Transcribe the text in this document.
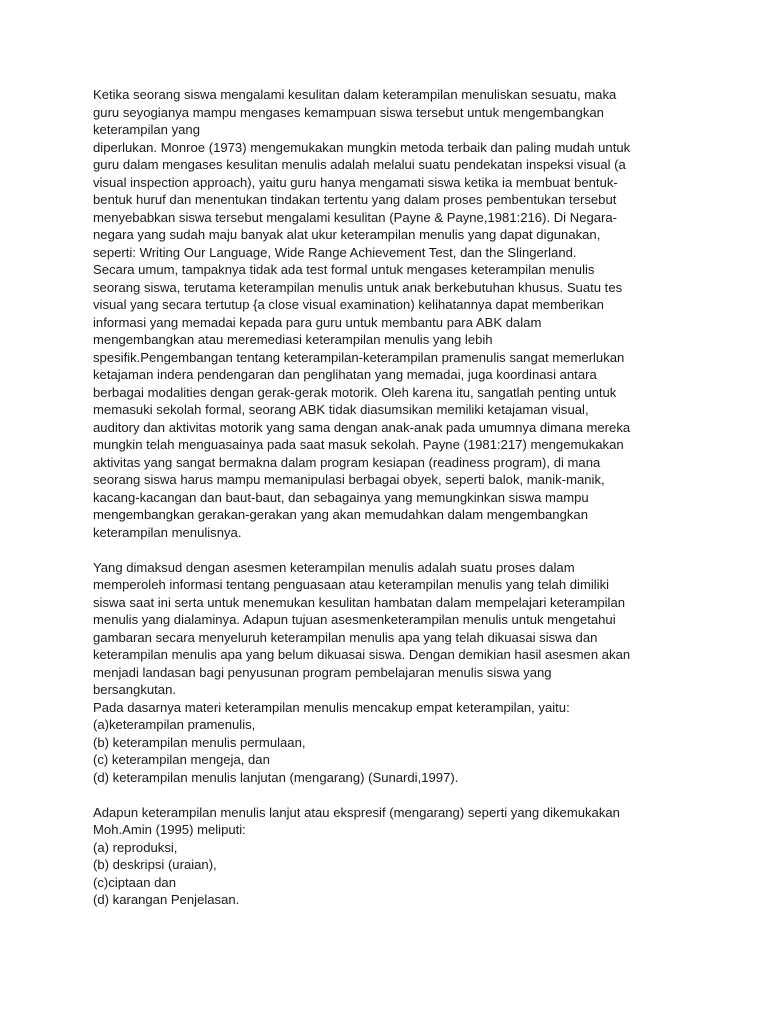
Ketika seorang siswa mengalami kesulitan dalam keterampilan menuliskan sesuatu, maka
guru seyogianya mampu mengases kemampuan siswa tersebut untuk mengembangkan
keterampilan yang
diperlukan. Monroe (1973) mengemukakan mungkin metoda terbaik dan paling mudah untuk
guru dalam mengases kesulitan menulis adalah melalui suatu pendekatan inspeksi visual (a
visual inspection approach), yaitu guru hanya mengamati siswa ketika ia membuat bentuk-
bentuk huruf dan menentukan tindakan tertentu yang dalam proses pembentukan tersebut
menyebabkan siswa tersebut mengalami kesulitan (Payne & Payne,1981:216). Di Negara-
negara yang sudah maju banyak alat ukur keterampilan menulis yang dapat digunakan,
seperti: Writing Our Language, Wide Range Achievement Test, dan the Slingerland.
Secara umum, tampaknya tidak ada test formal untuk mengases keterampilan menulis
seorang siswa, terutama keterampilan menulis untuk anak berkebutuhan khusus. Suatu tes
visual yang secara tertutup {a close visual examination) kelihatannya dapat memberikan
informasi yang memadai kepada para guru untuk membantu para ABK dalam
mengembangkan atau meremediasi keterampilan menulis yang lebih
spesifik.Pengembangan tentang keterampilan-keterampilan pramenulis sangat memerlukan
ketajaman indera pendengaran dan penglihatan yang memadai, juga koordinasi antara
berbagai modalities dengan gerak-gerak motorik. Oleh karena itu, sangatlah penting untuk
memasuki sekolah formal, seorang ABK tidak diasumsikan memiliki ketajaman visual,
auditory dan aktivitas motorik yang sama dengan anak-anak pada umumnya dimana mereka
mungkin telah menguasainya pada saat masuk sekolah. Payne (1981:217) mengemukakan
aktivitas yang sangat bermakna dalam program kesiapan (readiness program), di mana
seorang siswa harus mampu memanipulasi berbagai obyek, seperti balok, manik-manik,
kacang-kacangan dan baut-baut, dan sebagainya yang memungkinkan siswa mampu
mengembangkan gerakan-gerakan yang akan memudahkan dalam mengembangkan
keterampilan menulisnya.
Yang dimaksud dengan asesmen keterampilan menulis adalah suatu proses dalam
memperoleh informasi tentang penguasaan atau keterampilan menulis yang telah dimiliki
siswa saat ini serta untuk menemukan kesulitan hambatan dalam mempelajari keterampilan
menulis yang dialaminya. Adapun tujuan asesmenketerampilan menulis untuk mengetahui
gambaran secara menyeluruh keterampilan menulis apa yang telah dikuasai siswa dan
keterampilan menulis apa yang belum dikuasai siswa. Dengan demikian hasil asesmen akan
menjadi landasan bagi penyusunan program pembelajaran menulis siswa yang
bersangkutan.
Pada dasarnya materi keterampilan menulis mencakup empat keterampilan, yaitu:
(a)keterampilan pramenulis,
(b) keterampilan menulis permulaan,
(c) keterampilan mengeja, dan
(d) keterampilan menulis lanjutan (mengarang) (Sunardi,1997).
Adapun keterampilan menulis lanjut atau ekspresif (mengarang) seperti yang dikemukakan
Moh.Amin (1995) meliputi:
(a) reproduksi,
(b) deskripsi (uraian),
(c)ciptaan dan
(d) karangan Penjelasan.
